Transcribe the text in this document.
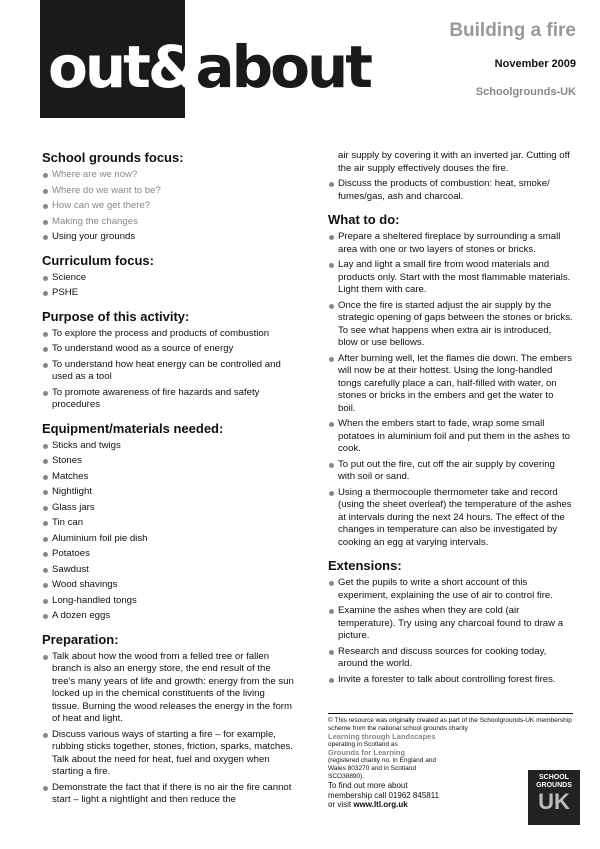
out&about
Building a fire
November 2009
Schoolgrounds-UK
School grounds focus:
Where are we now?
Where do we want to be?
How can we get there?
Making the changes
Using your grounds
Curriculum focus:
Science
PSHE
Purpose of this activity:
To explore the process and products of combustion
To understand wood as a source of energy
To understand how heat energy can be controlled and used as a tool
To promote awareness of fire hazards and safety procedures
Equipment/materials needed:
Sticks and twigs
Stones
Matches
Nightlight
Glass jars
Tin can
Aluminium foil pie dish
Potatoes
Sawdust
Wood shavings
Long-handled tongs
A dozen eggs
Preparation:
Talk about how the wood from a felled tree or fallen branch is also an energy store, the end result of the tree's many years of life and growth: energy from the sun locked up in the chemical constituents of the living tissue. Burning the wood releases the energy in the form of heat and light.
Discuss various ways of starting a fire – for example, rubbing sticks together, stones, friction, sparks, matches. Talk about the need for heat, fuel and oxygen when starting a fire.
Demonstrate the fact that if there is no air the fire cannot start – light a nightlight and then reduce the
air supply by covering it with an inverted jar. Cutting off the air supply effectively douses the fire.
Discuss the products of combustion: heat, smoke/ fumes/gas, ash and charcoal.
What to do:
Prepare a sheltered fireplace by surrounding a small area with one or two layers of stones or bricks.
Lay and light a small fire from wood materials and products only. Start with the most flammable materials. Light them with care.
Once the fire is started adjust the air supply by the strategic opening of gaps between the stones or bricks. To see what happens when extra air is introduced, blow or use bellows.
After burning well, let the flames die down. The embers will now be at their hottest. Using the long-handled tongs carefully place a can, half-filled with water, on stones or bricks in the embers and get the water to boil.
When the embers start to fade, wrap some small potatoes in aluminium foil and put them in the ashes to cook.
To put out the fire, cut off the air supply by covering with soil or sand.
Using a thermocouple thermometer take and record (using the sheet overleaf) the temperature of the ashes at intervals during the next 24 hours. The effect of the changes in temperature can also be investigated by cooking an egg at varying intervals.
Extensions:
Get the pupils to write a short account of this experiment, explaining the use of air to control fire.
Examine the ashes when they are cold (air temperature). Try using any charcoal found to draw a picture.
Research and discuss sources for cooking today, around the world.
Invite a forester to talk about controlling forest fires.
© This resource was originally created as part of the Schoolgrounds-UK membership scheme from the national school grounds charity
Learning through Landscapes
operating in Scotland as
Grounds for Learning
(registered charity no. in England and Wales 803270 and in Scotland SCO38890).
To find out more about membership call 01962 845811
or visit www.ltl.org.uk
SCHOOL
GROUNDS
UK
